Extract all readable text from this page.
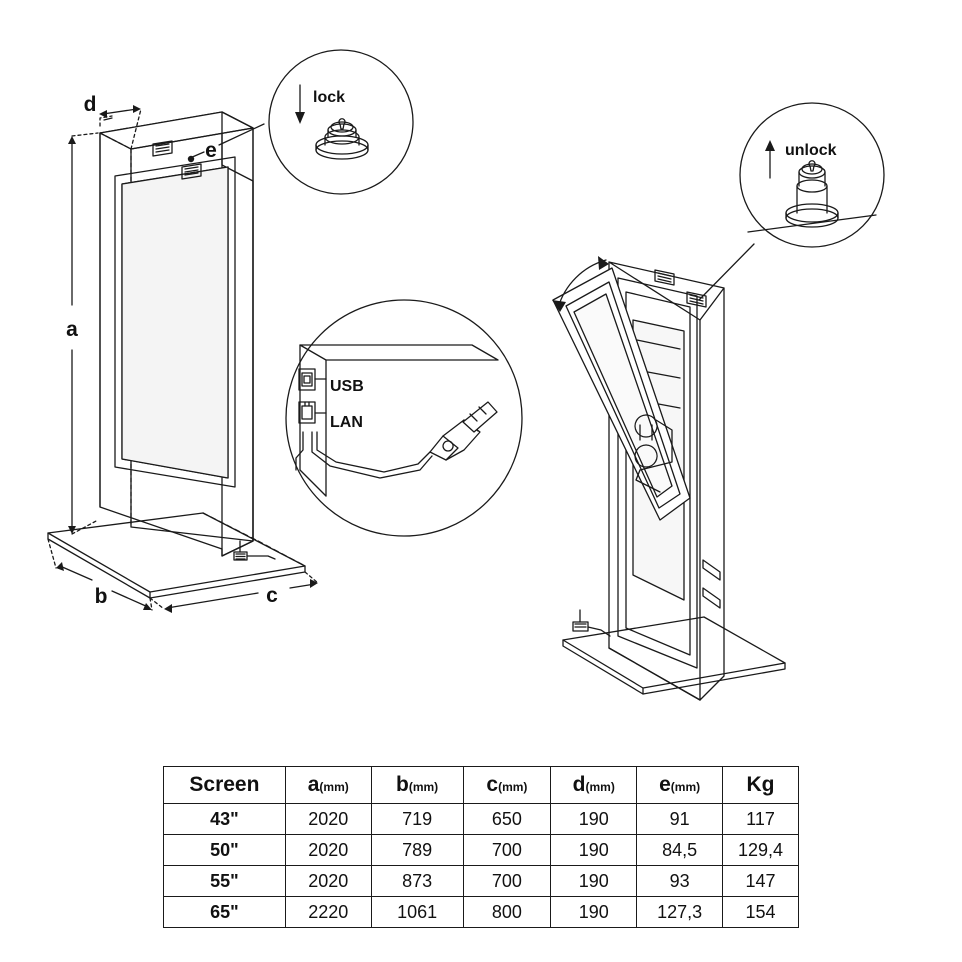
a
b	c
d
e
lock
unlock
USB
LAN
Screen	a(mm)	b(mm)	c(mm)	d(mm)	e(mm)	Kg
43"	2020	719	650	190	91	117
50"	2020	789	700	190	84,5	129,4
55"	2020	873	700	190	93	147
65"	2220	1061	800	190	127,3	154
